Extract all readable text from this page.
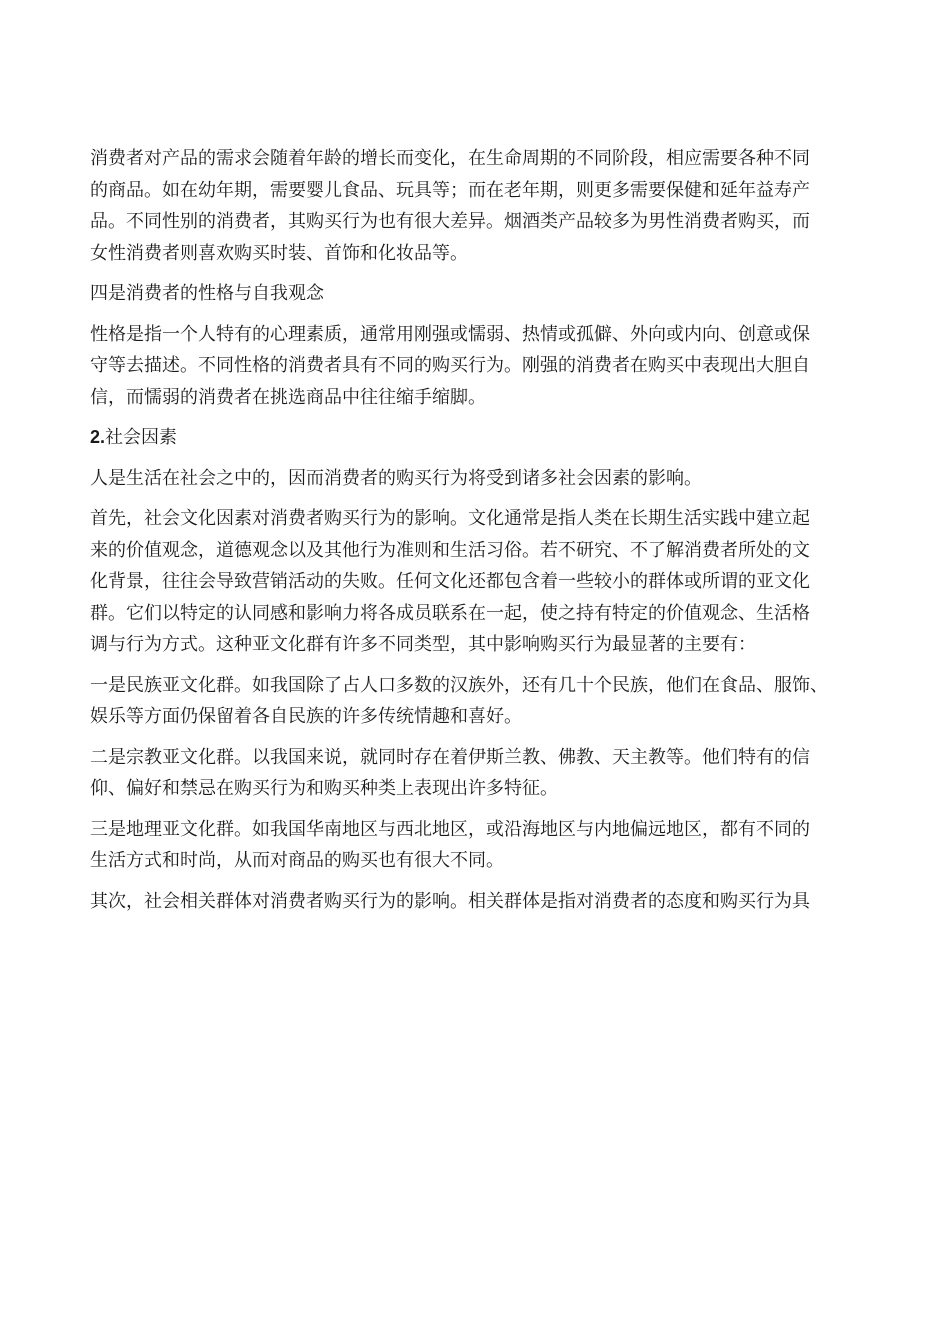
消费者对产品的需求会随着年龄的增长而变化，在生命周期的不同阶段，相应需要各种不同
的商品。如在幼年期，需要婴儿食品、玩具等；而在老年期，则更多需要保健和延年益寿产
品。不同性别的消费者，其购买行为也有很大差异。烟酒类产品较多为男性消费者购买，而
女性消费者则喜欢购买时装、首饰和化妆品等。

四是消费者的性格与自我观念

性格是指一个人特有的心理素质，通常用刚强或懦弱、热情或孤僻、外向或内向、创意或保
守等去描述。不同性格的消费者具有不同的购买行为。刚强的消费者在购买中表现出大胆自
信，而懦弱的消费者在挑选商品中往往缩手缩脚。

2.社会因素

人是生活在社会之中的，因而消费者的购买行为将受到诸多社会因素的影响。

首先，社会文化因素对消费者购买行为的影响。文化通常是指人类在长期生活实践中建立起
来的价值观念，道德观念以及其他行为准则和生活习俗。若不研究、不了解消费者所处的文
化背景，往往会导致营销活动的失败。任何文化还都包含着一些较小的群体或所谓的亚文化
群。它们以特定的认同感和影响力将各成员联系在一起，使之持有特定的价值观念、生活格
调与行为方式。这种亚文化群有许多不同类型，其中影响购买行为最显著的主要有：

一是民族亚文化群。如我国除了占人口多数的汉族外，还有几十个民族，他们在食品、服饰、
娱乐等方面仍保留着各自民族的许多传统情趣和喜好。

二是宗教亚文化群。以我国来说，就同时存在着伊斯兰教、佛教、天主教等。他们特有的信
仰、偏好和禁忌在购买行为和购买种类上表现出许多特征。

三是地理亚文化群。如我国华南地区与西北地区，或沿海地区与内地偏远地区，都有不同的
生活方式和时尚，从而对商品的购买也有很大不同。

其次，社会相关群体对消费者购买行为的影响。相关群体是指对消费者的态度和购买行为具
